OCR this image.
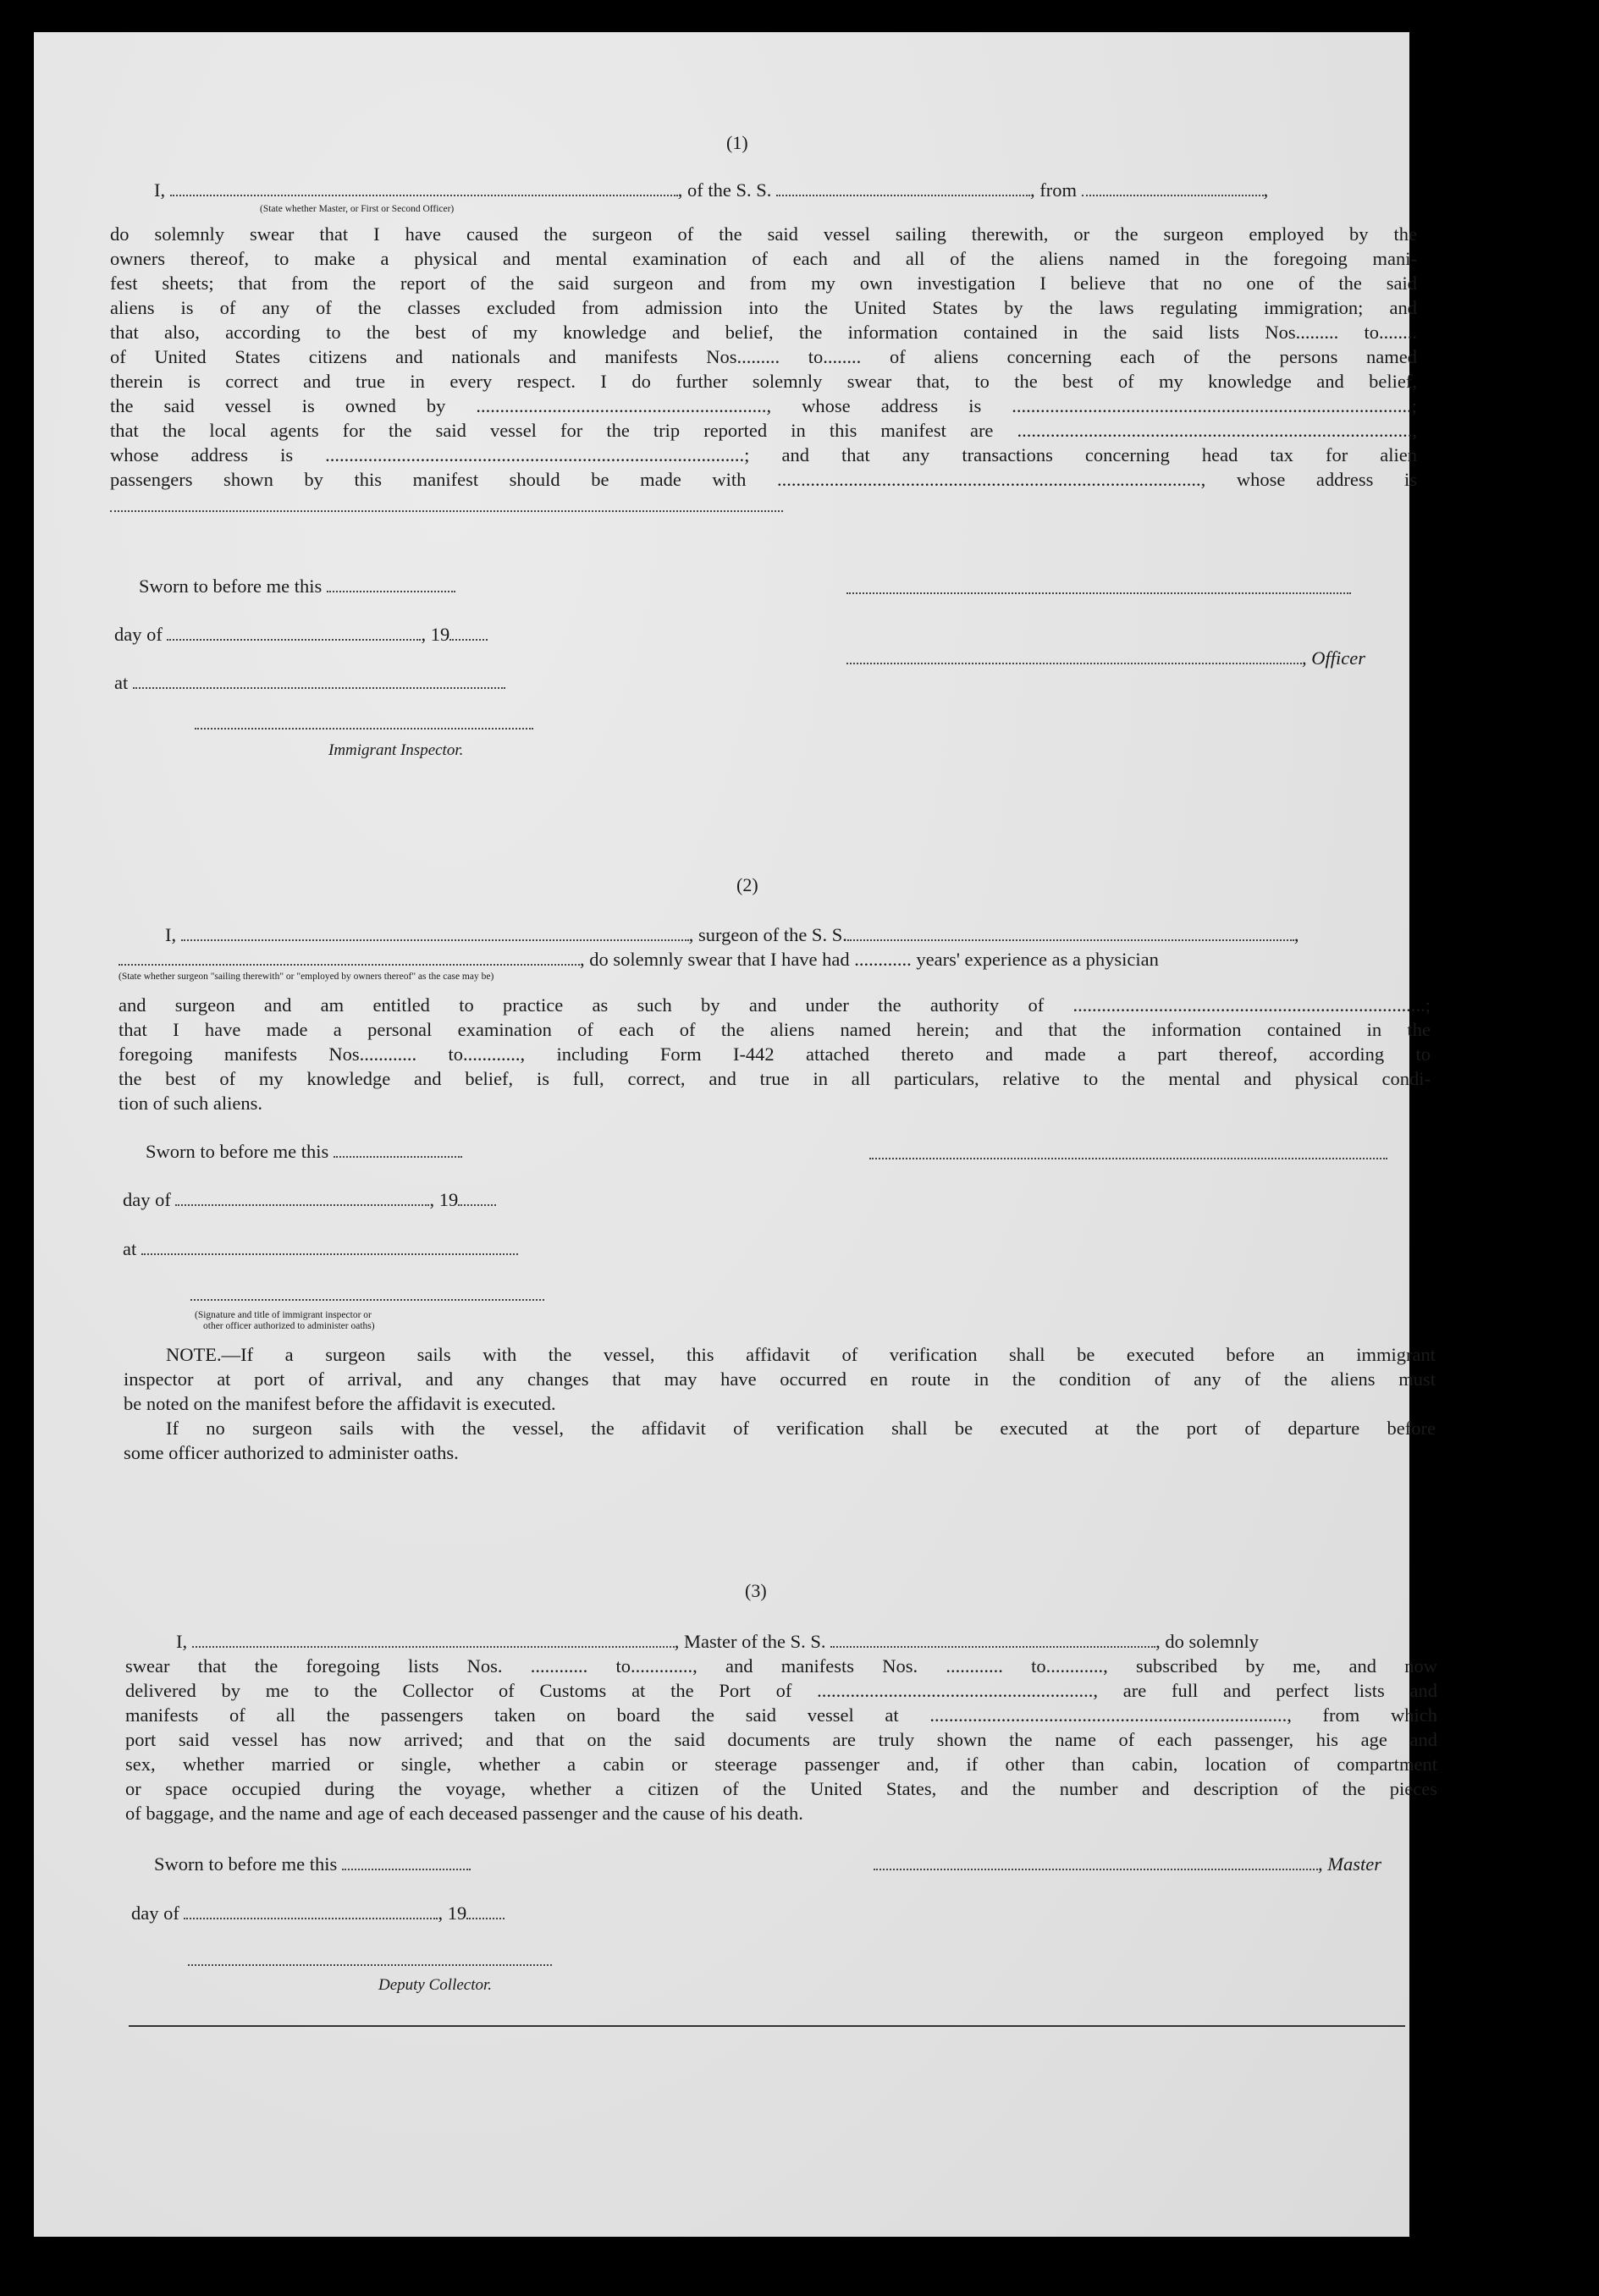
(1)
I,	, of the S. S.	, from	,
(State whether Master, or First or Second Officer)
do solemnly swear that I have caused the surgeon of the said vessel sailing therewith, or the surgeon employed by the
owners thereof, to make a physical and mental examination of each and all of the aliens named in the foregoing mani-
fest sheets; that from the report of the said surgeon and from my own investigation I believe that no one of the said
aliens is of any of the classes excluded from admission into the United States by the laws regulating immigration; and
that also, according to the best of my knowledge and belief, the information contained in the said lists Nos......... to........
of United States citizens and nationals and manifests Nos......... to........ of aliens concerning each of the persons named
therein is correct and true in every respect. I do further solemnly swear that, to the best of my knowledge and belief,
the said vessel is owned by ............................................................., whose address is ....................................................................................;
that the local agents for the said vessel for the trip reported in this manifest are ...................................................................................,
whose address is ........................................................................................; and that any transactions concerning head tax for alien
passengers shown by this manifest should be made with ........................................................................................., whose address is
Sworn to before me this
day of	, 19
, Officer
at
Immigrant Inspector.
(2)
I,	, surgeon of the S. S.	,
, do solemnly swear that I have had ............ years' experience as a physician
(State whether surgeon "sailing therewith" or "employed by owners thereof" as the case may be)
and surgeon and am entitled to practice as such by and under the authority of ..........................................................................;
that I have made a personal examination of each of the aliens named herein; and that the information contained in the
foregoing manifests Nos............ to............, including Form I-442 attached thereto and made a part thereof, according to
the best of my knowledge and belief, is full, correct, and true in all particulars, relative to the mental and physical condi-
tion of such aliens.
Sworn to before me this
day of	, 19
at
(Signature and title of immigrant inspector or
other officer authorized to administer oaths)
NOTE.—If a surgeon sails with the vessel, this affidavit of verification shall be executed before an immigrant
inspector at port of arrival, and any changes that may have occurred en route in the condition of any of the aliens must
be noted on the manifest before the affidavit is executed.
If no surgeon sails with the vessel, the affidavit of verification shall be executed at the port of departure before
some officer authorized to administer oaths.
(3)
I,	, Master of the S. S.	, do solemnly
swear that the foregoing lists Nos. ............ to............., and manifests Nos. ............ to............, subscribed by me, and now
delivered by me to the Collector of Customs at the Port of .........................................................., are full and perfect lists and
manifests of all the passengers taken on board the said vessel at ..........................................................................., from which
port said vessel has now arrived; and that on the said documents are truly shown the name of each passenger, his age and
sex, whether married or single, whether a cabin or steerage passenger and, if other than cabin, location of compartment
or space occupied during the voyage, whether a citizen of the United States, and the number and description of the pieces
of baggage, and the name and age of each deceased passenger and the cause of his death.
Sworn to before me this	, Master
day of	, 19
Deputy Collector.
